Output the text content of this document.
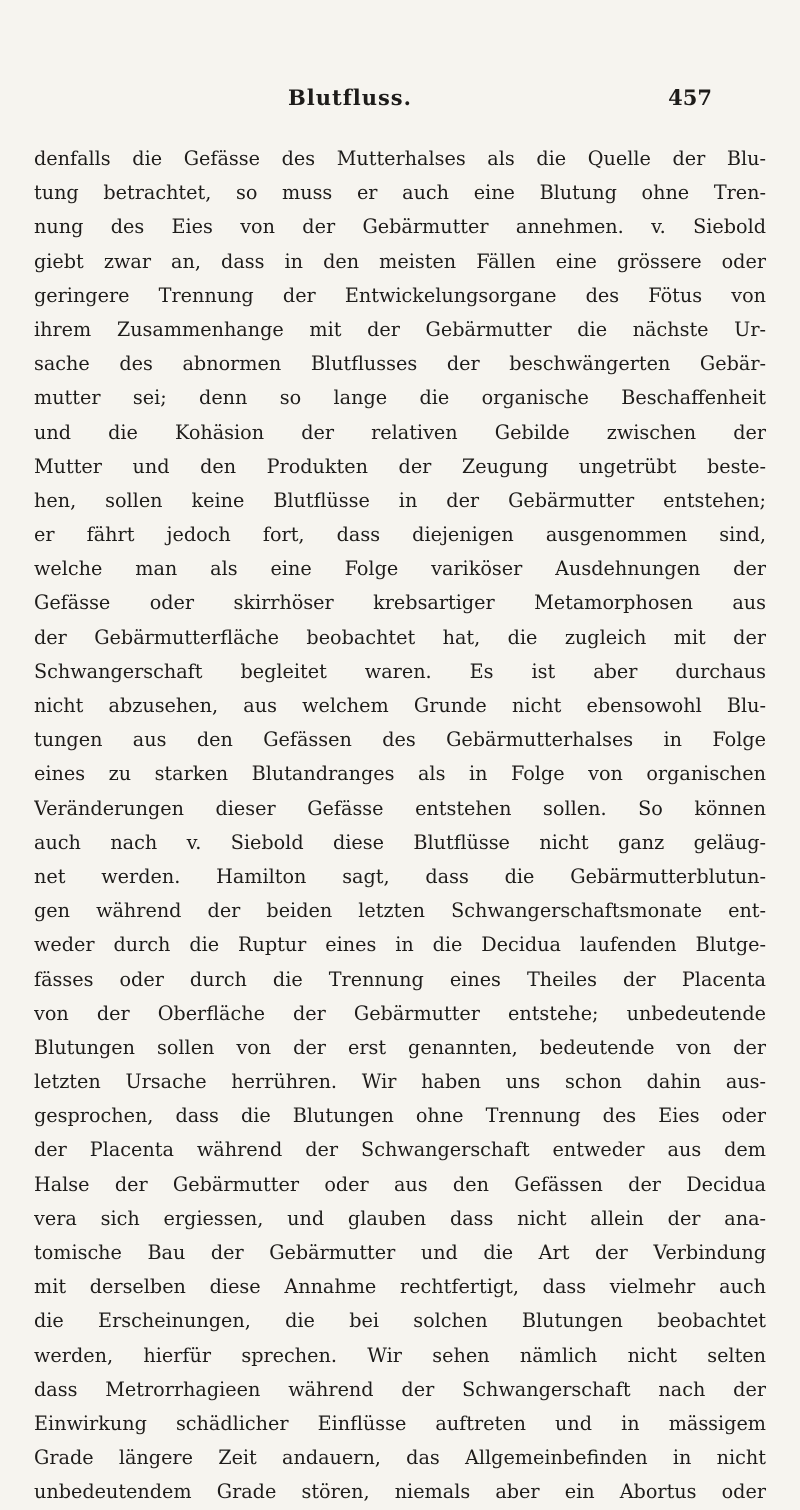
Blutfluss.	457
denfalls die Gefässe des Mutterhalses als die Quelle der Blu-
tung betrachtet, so muss er auch eine Blutung ohne Tren-
nung des Eies von der Gebärmutter annehmen. v. Siebold
giebt zwar an, dass in den meisten Fällen eine grössere oder
geringere Trennung der Entwickelungsorgane des Fötus von
ihrem Zusammenhange mit der Gebärmutter die nächste Ur-
sache des abnormen Blutflusses der beschwängerten Gebär-
mutter sei; denn so lange die organische Beschaffenheit
und die Kohäsion der relativen Gebilde zwischen der
Mutter und den Produkten der Zeugung ungetrübt beste-
hen, sollen keine Blutflüsse in der Gebärmutter entstehen;
er fährt jedoch fort, dass diejenigen ausgenommen sind,
welche man als eine Folge variköser Ausdehnungen der
Gefässe oder skirrhöser krebsartiger Metamorphosen aus
der Gebärmutterfläche beobachtet hat, die zugleich mit der
Schwangerschaft begleitet waren. Es ist aber durchaus
nicht abzusehen, aus welchem Grunde nicht ebensowohl Blu-
tungen aus den Gefässen des Gebärmutterhalses in Folge
eines zu starken Blutandranges als in Folge von organischen
Veränderungen dieser Gefässe entstehen sollen. So können
auch nach v. Siebold diese Blutflüsse nicht ganz geläug-
net werden. Hamilton sagt, dass die Gebärmutterblutun-
gen während der beiden letzten Schwangerschaftsmonate ent-
weder durch die Ruptur eines in die Decidua laufenden Blutge-
fässes oder durch die Trennung eines Theiles der Placenta
von der Oberfläche der Gebärmutter entstehe; unbedeutende
Blutungen sollen von der erst genannten, bedeutende von der
letzten Ursache herrühren. Wir haben uns schon dahin aus-
gesprochen, dass die Blutungen ohne Trennung des Eies oder
der Placenta während der Schwangerschaft entweder aus dem
Halse der Gebärmutter oder aus den Gefässen der Decidua
vera sich ergiessen, und glauben dass nicht allein der ana-
tomische Bau der Gebärmutter und die Art der Verbindung
mit derselben diese Annahme rechtfertigt, dass vielmehr auch
die Erscheinungen, die bei solchen Blutungen beobachtet
werden, hierfür sprechen. Wir sehen nämlich nicht selten
dass Metrorrhagieen während der Schwangerschaft nach der
Einwirkung schädlicher Einflüsse auftreten und in mässigem
Grade längere Zeit andauern, das Allgemeinbefinden in nicht
unbedeutendem Grade stören, niemals aber ein Abortus oder
